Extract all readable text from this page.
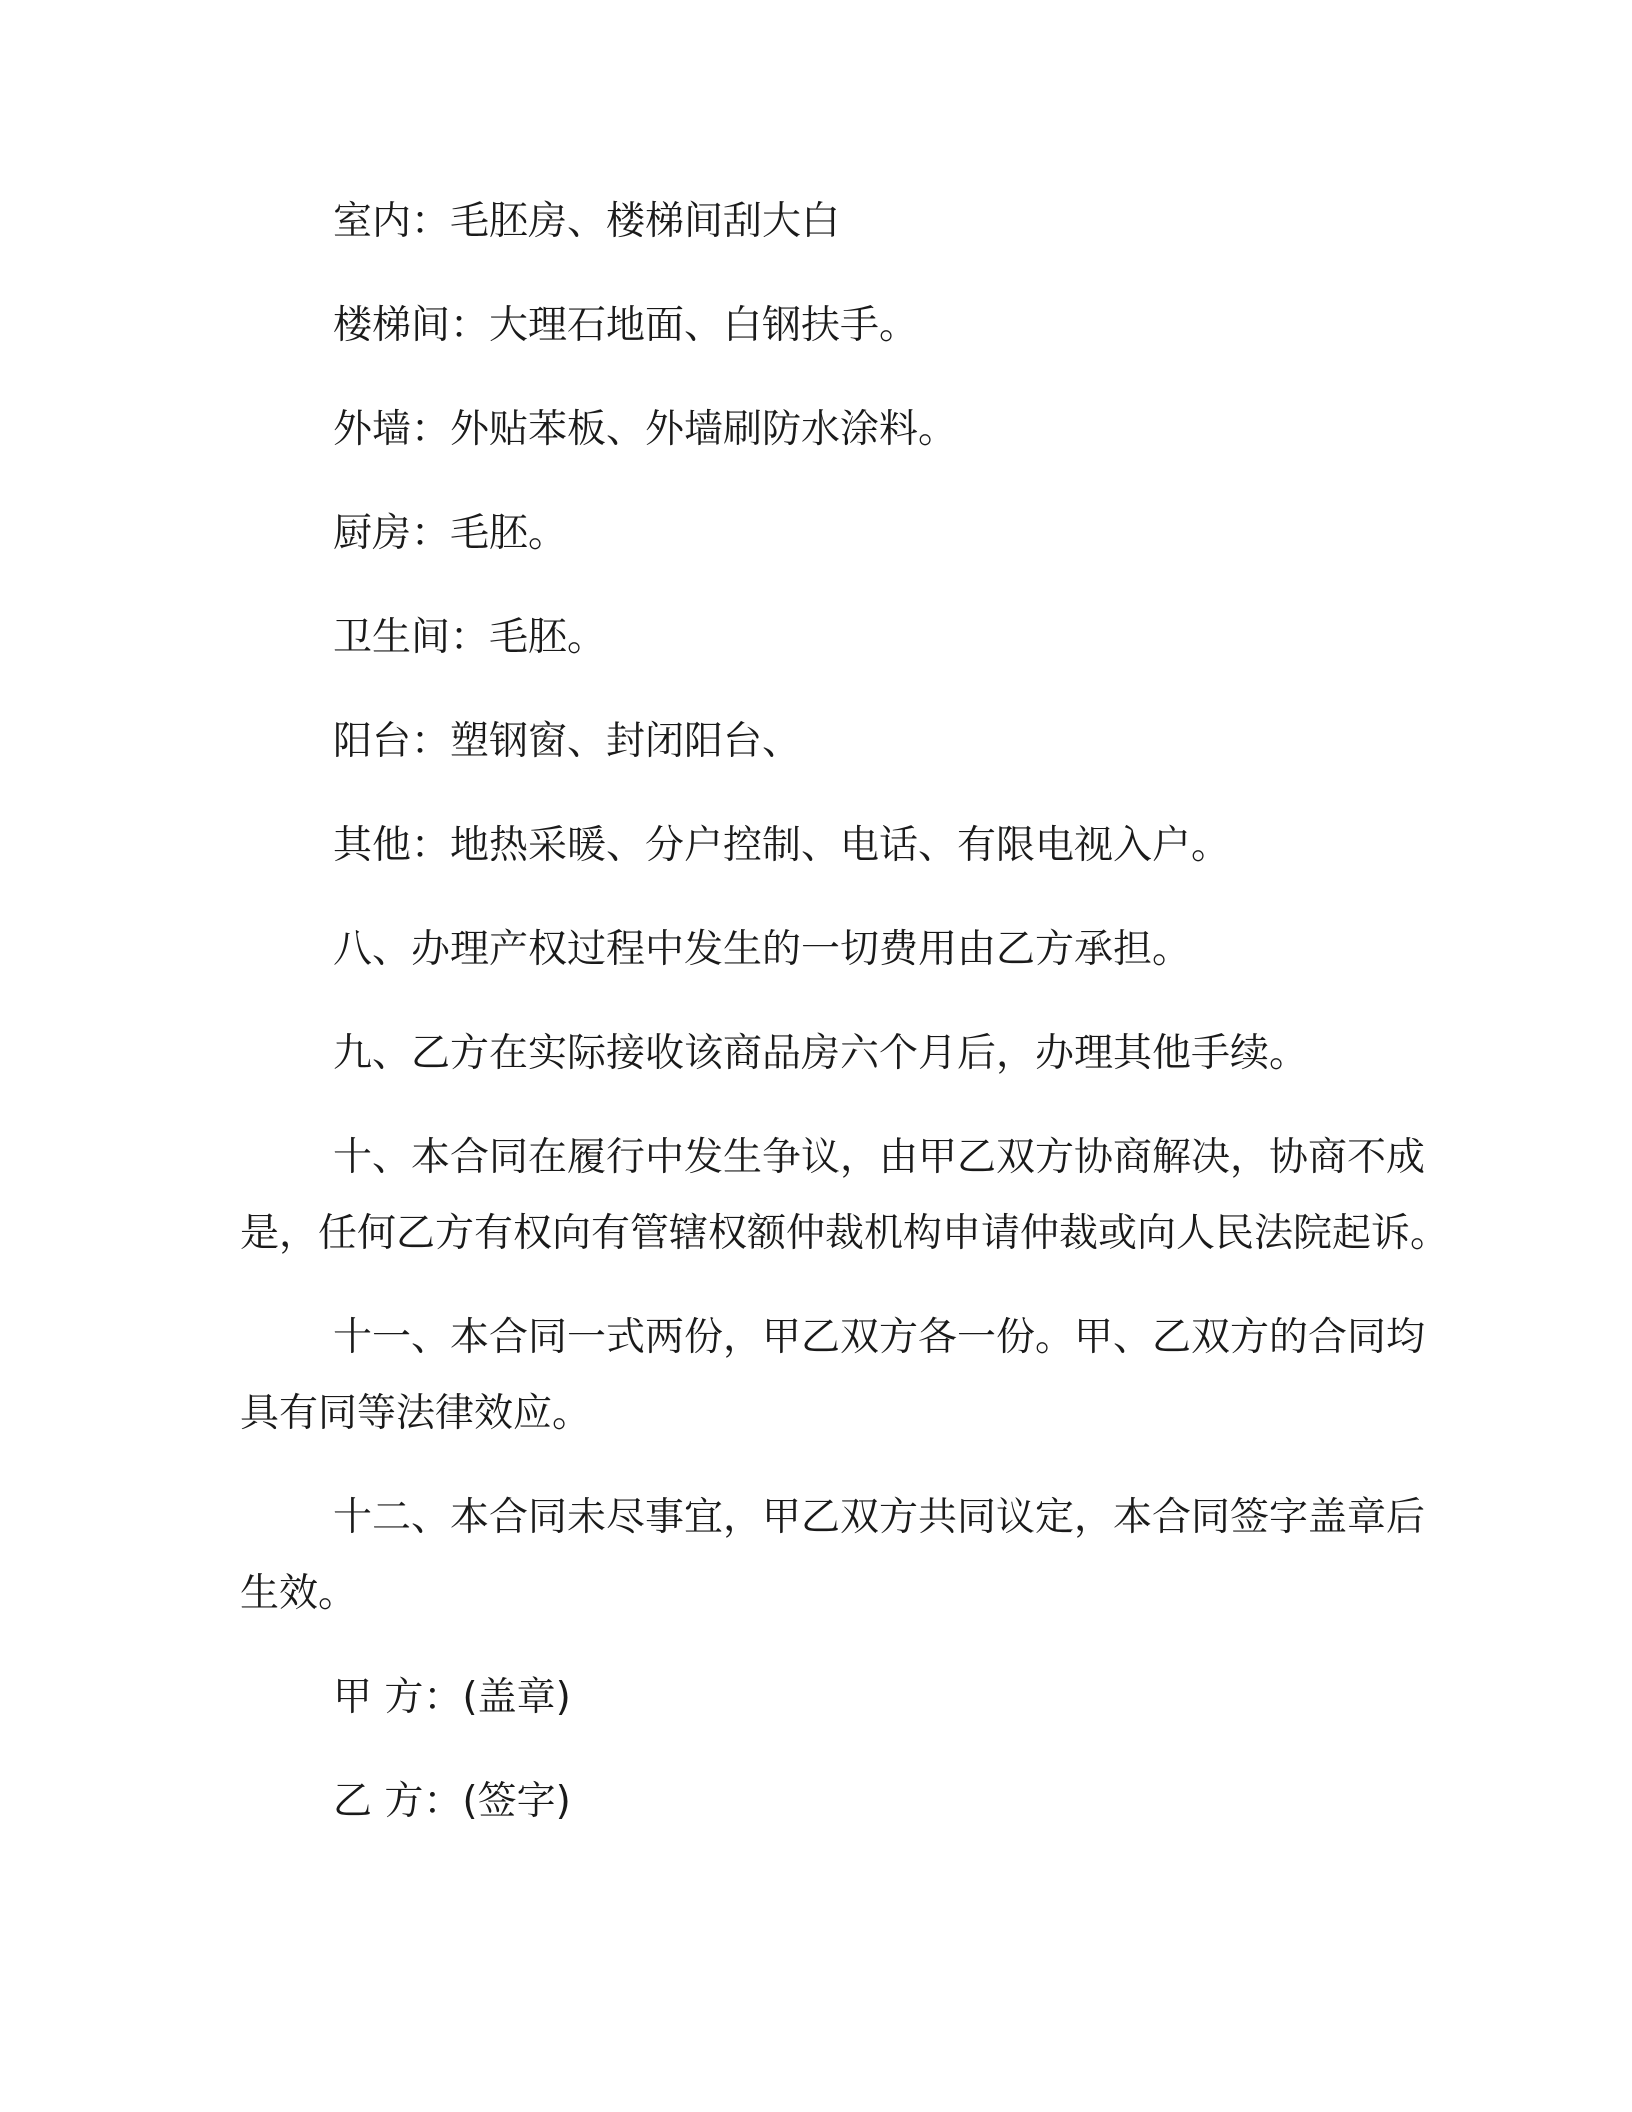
室内：毛胚房、楼梯间刮大白
楼梯间：大理石地面、白钢扶手。
外墙：外贴苯板、外墙刷防水涂料。
厨房：毛胚。
卫生间：毛胚。
阳台：塑钢窗、封闭阳台、
其他：地热采暖、分户控制、电话、有限电视入户。
八、办理产权过程中发生的一切费用由乙方承担。
九、乙方在实际接收该商品房六个月后，办理其他手续。
十、本合同在履行中发生争议，由甲乙双方协商解决，协商不成
是，任何乙方有权向有管辖权额仲裁机构申请仲裁或向人民法院起诉。
十一、本合同一式两份，甲乙双方各一份。甲、乙双方的合同均
具有同等法律效应。
十二、本合同未尽事宜，甲乙双方共同议定，本合同签字盖章后
生效。
甲 方：(盖章)
乙 方：(签字)
